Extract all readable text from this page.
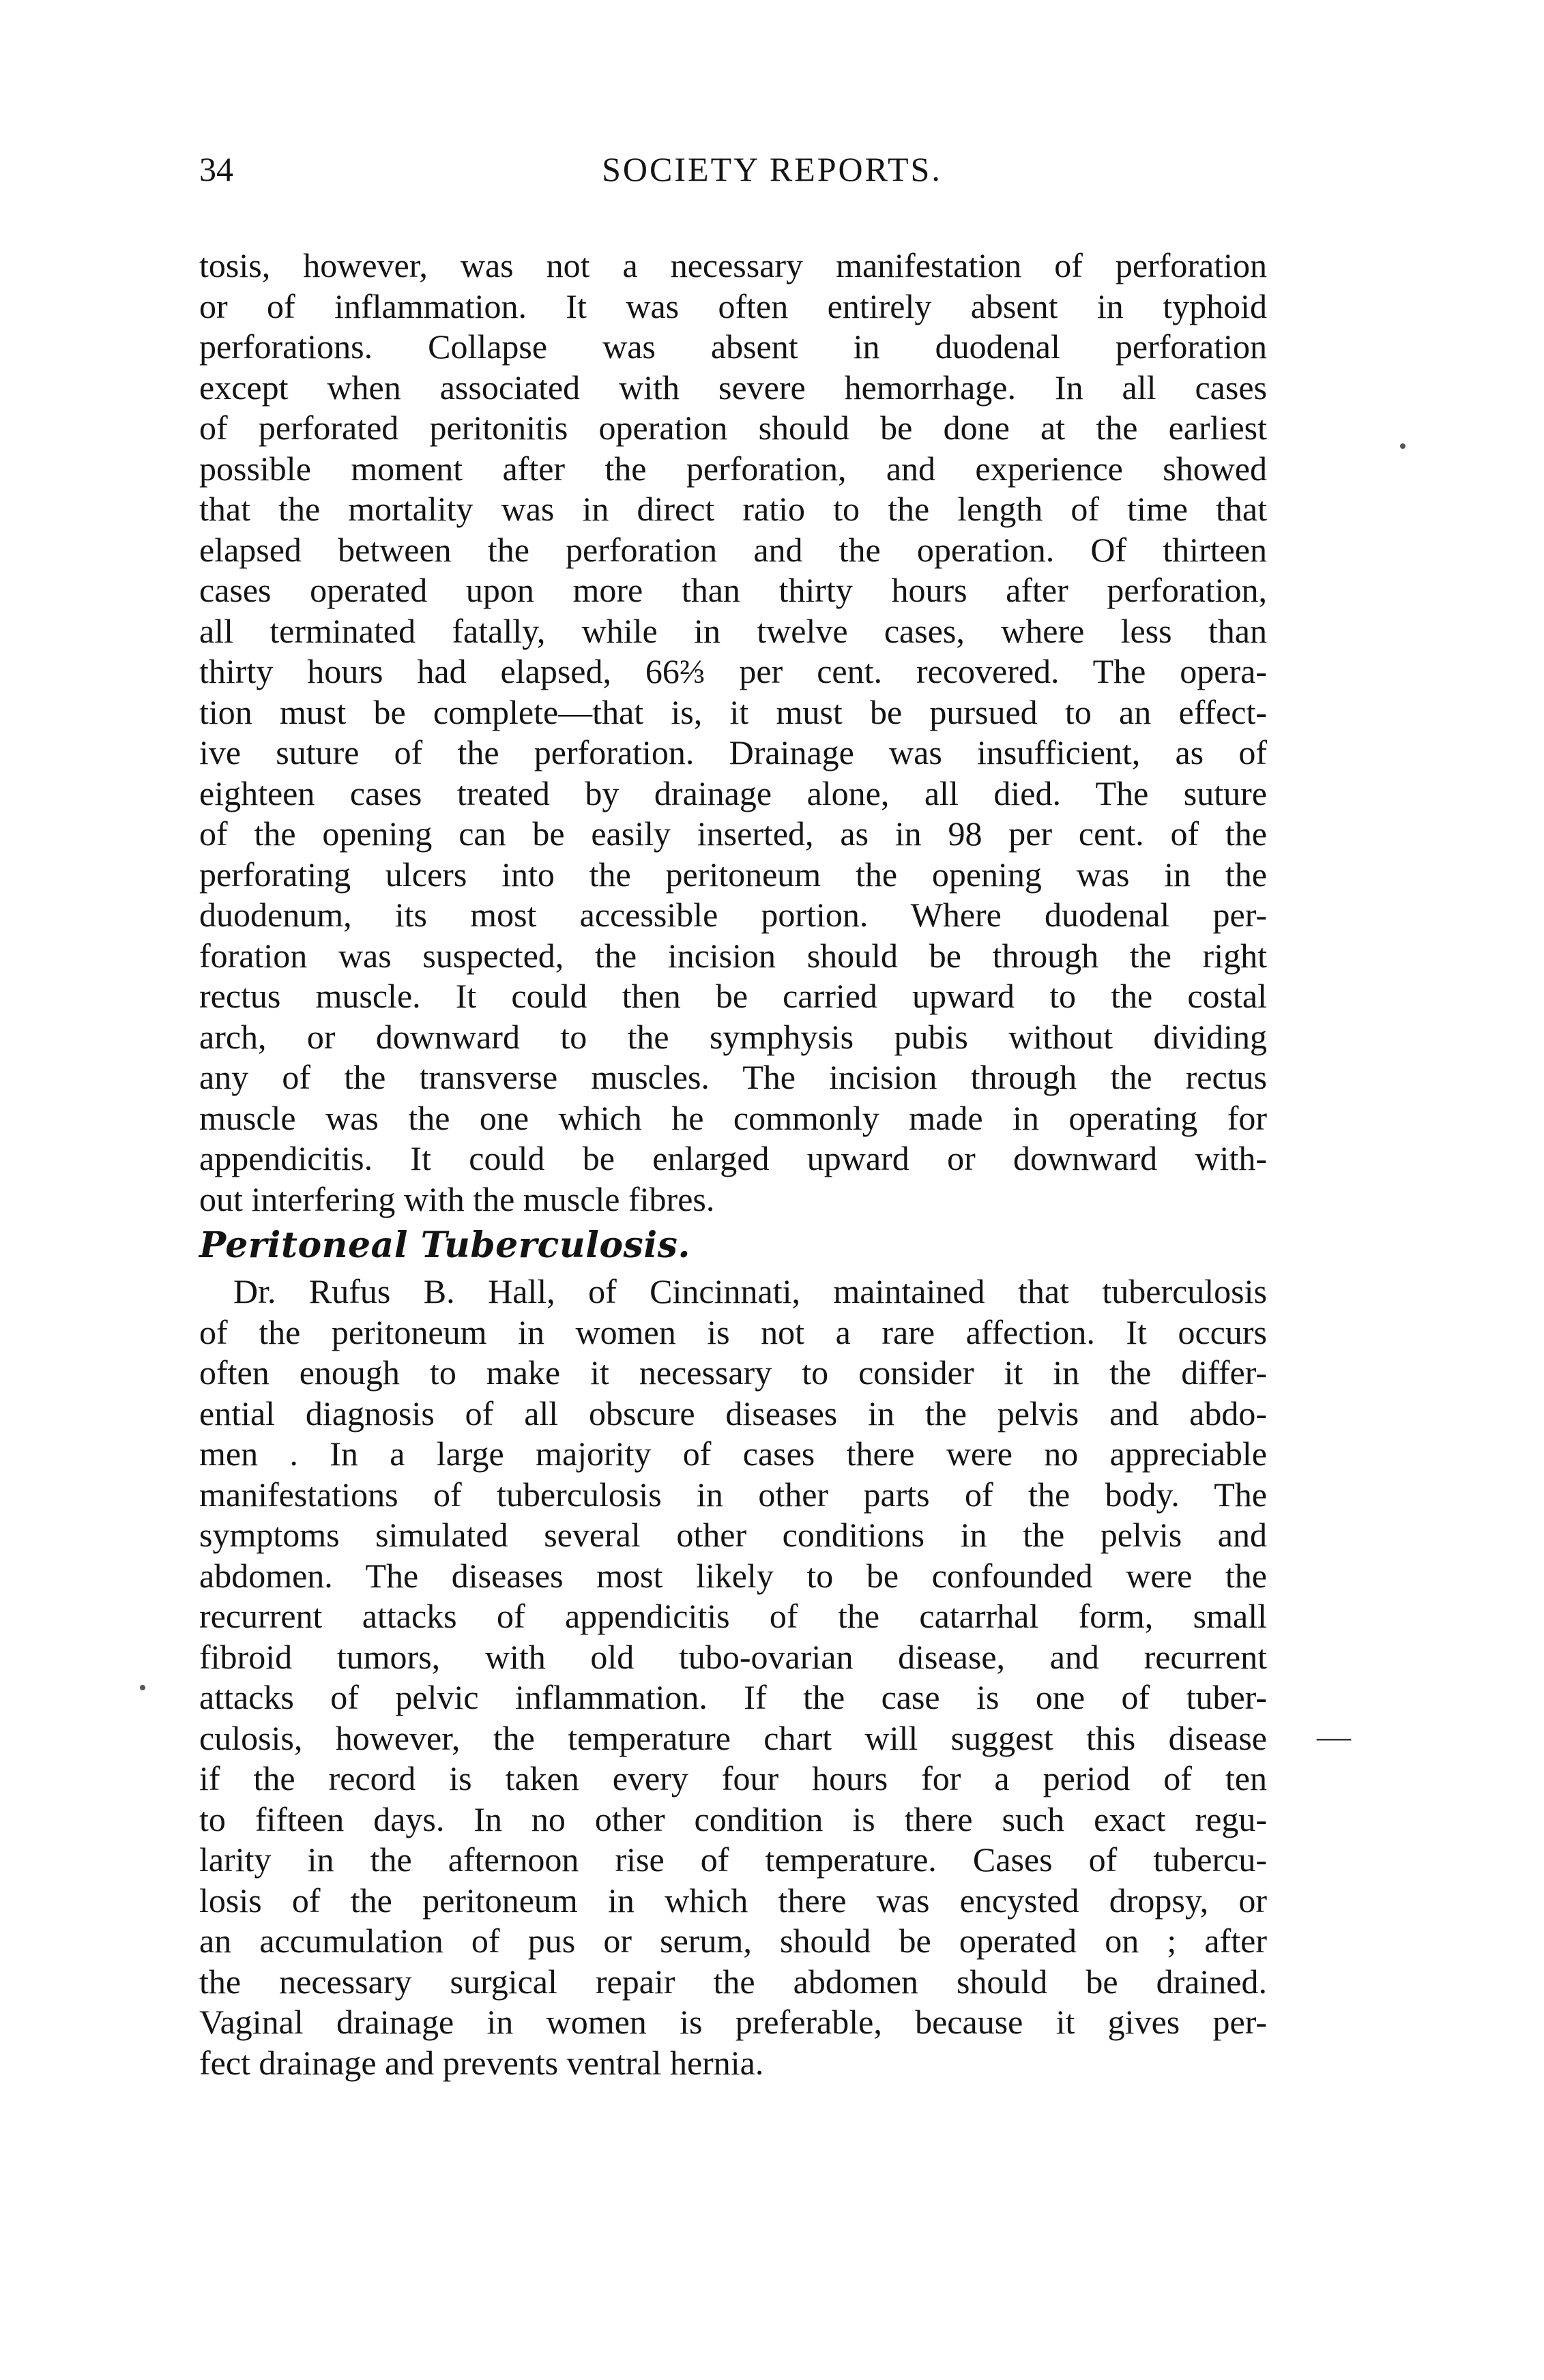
34	SOCIETY REPORTS.
tosis, however, was not a necessary manifestation of perforation
or of inflammation. It was often entirely absent in typhoid
perforations. Collapse was absent in duodenal perforation
except when associated with severe hemorrhage. In all cases
of perforated peritonitis operation should be done at the earliest
possible moment after the perforation, and experience showed
that the mortality was in direct ratio to the length of time that
elapsed between the perforation and the operation. Of thirteen
cases operated upon more than thirty hours after perforation,
all terminated fatally, while in twelve cases, where less than
thirty hours had elapsed, 66⅔ per cent. recovered. The opera-
tion must be complete—that is, it must be pursued to an effect-
ive suture of the perforation. Drainage was insufficient, as of
eighteen cases treated by drainage alone, all died. The suture
of the opening can be easily inserted, as in 98 per cent. of the
perforating ulcers into the peritoneum the opening was in the
duodenum, its most accessible portion. Where duodenal per-
foration was suspected, the incision should be through the right
rectus muscle. It could then be carried upward to the costal
arch, or downward to the symphysis pubis without dividing
any of the transverse muscles. The incision through the rectus
muscle was the one which he commonly made in operating for
appendicitis. It could be enlarged upward or downward with-
out interfering with the muscle fibres.
Peritoneal Tuberculosis.
Dr. Rufus B. Hall, of Cincinnati, maintained that tuberculosis
of the peritoneum in women is not a rare affection. It occurs
often enough to make it necessary to consider it in the differ-
ential diagnosis of all obscure diseases in the pelvis and abdo-
men . In a large majority of cases there were no appreciable
manifestations of tuberculosis in other parts of the body. The
symptoms simulated several other conditions in the pelvis and
abdomen. The diseases most likely to be confounded were the
recurrent attacks of appendicitis of the catarrhal form, small
fibroid tumors, with old tubo-ovarian disease, and recurrent
attacks of pelvic inflammation. If the case is one of tuber-
culosis, however, the temperature chart will suggest this disease
if the record is taken every four hours for a period of ten
to fifteen days. In no other condition is there such exact regu-
larity in the afternoon rise of temperature. Cases of tubercu-
losis of the peritoneum in which there was encysted dropsy, or
an accumulation of pus or serum, should be operated on ; after
the necessary surgical repair the abdomen should be drained.
Vaginal drainage in women is preferable, because it gives per-
fect drainage and prevents ventral hernia.
—
